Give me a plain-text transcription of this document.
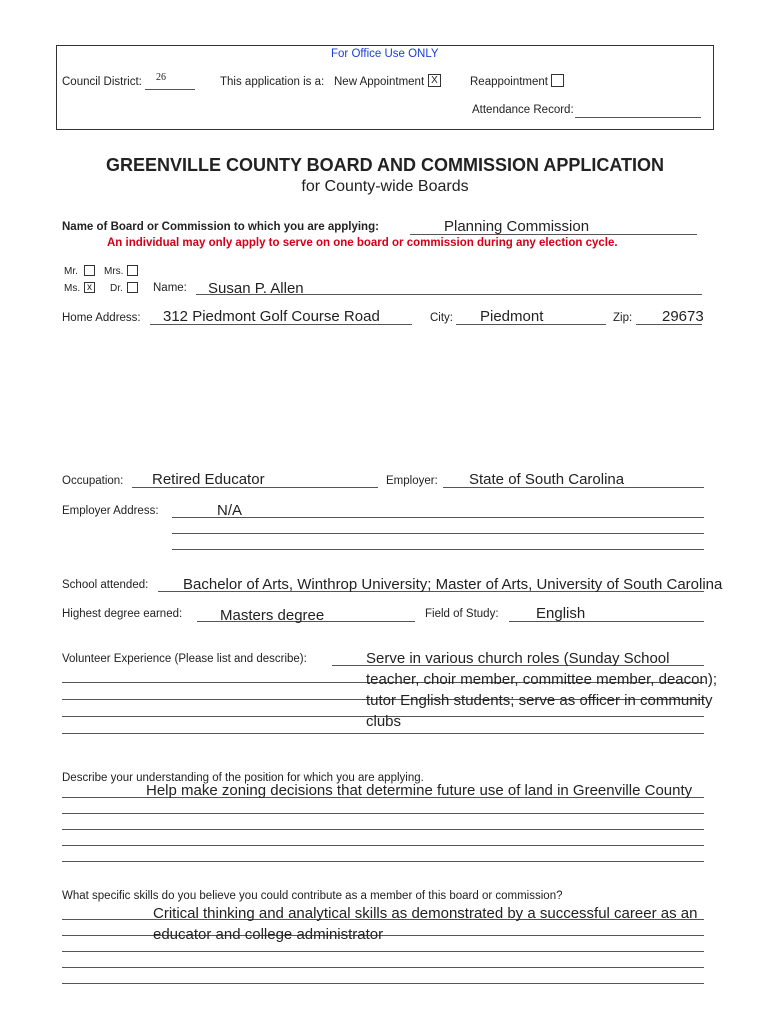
For Office Use ONLY
Council District: 26	This application is a: New Appointment X	Reappointment
Attendance Record:
GREENVILLE COUNTY BOARD AND COMMISSION APPLICATION
for County-wide Boards
Name of Board or Commission to which you are applying:	Planning Commission
An individual may only apply to serve on one board or commission during any election cycle.
Mr.	Mrs.
Ms. x	Dr.	Name: Susan P. Allen
Home Address: 312 Piedmont Golf Course Road	City: Piedmont	Zip: 29673
Occupation: Retired Educator	Employer: State of South Carolina
Employer Address:	N/A
School attended: Bachelor of Arts, Winthrop University; Master of Arts, University of South Carolina
Highest degree earned:	Masters degree	Field of Study: English
Volunteer Experience (Please list and describe):	Serve in various church roles (Sunday School
teacher, choir member, committee member, deacon);
tutor English students; serve as officer in community
clubs
Describe your understanding of the position for which you are applying.
Help make zoning decisions that determine future use of land in Greenville County
What specific skills do you believe you could contribute as a member of this board or commission?
Critical thinking and analytical skills as demonstrated by a successful career as an
educator and college administrator
